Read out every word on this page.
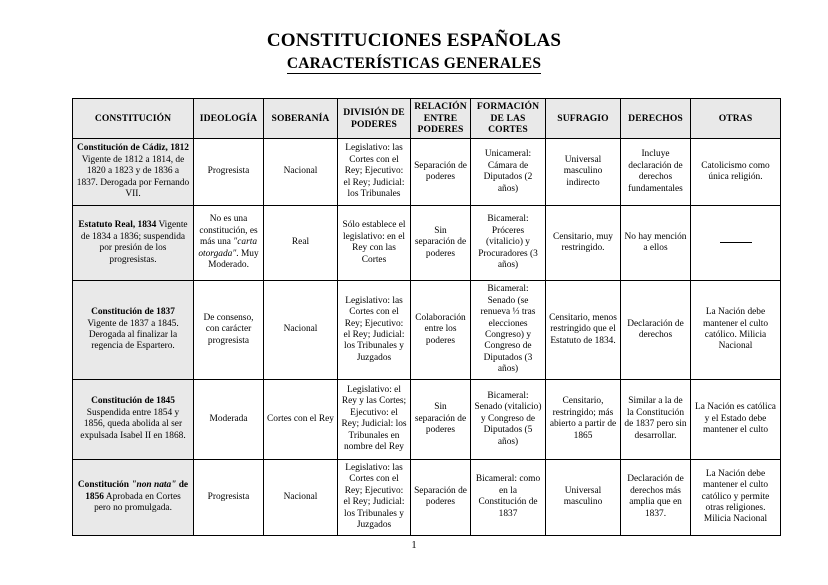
CONSTITUCIONES ESPAÑOLAS
CARACTERÍSTICAS GENERALES
CONSTITUCIÓN	IDEOLOGÍA	SOBERANÍA	DIVISIÓN DE PODERES	RELACIÓN ENTRE PODERES	FORMACIÓN DE LAS CORTES	SUFRAGIO	DERECHOS	OTRAS
Constitución de Cádiz, 1812 Vigente de 1812 a 1814, de 1820 a 1823 y de 1836 a 1837. Derogada por Fernando VII.	Progresista	Nacional	Legislativo: las Cortes con el Rey; Ejecutivo: el Rey; Judicial: los Tribunales	Separación de poderes	Unicameral: Cámara de Diputados (2 años)	Universal masculino indirecto	Incluye declaración de derechos fundamentales	Catolicismo como única religión.
Estatuto Real, 1834 Vigente de 1834 a 1836; suspendida por presión de los progresistas.	No es una constitución, es más una "carta otorgada". Muy Moderado.	Real	Sólo establece el legislativo: en el Rey con las Cortes	Sin separación de poderes	Bicameral: Próceres (vitalicio) y Procuradores (3 años)	Censitario, muy restringido.	No hay mención a ellos	
Constitución de 1837 Vigente de 1837 a 1845. Derogada al finalizar la regencia de Espartero.	De consenso, con carácter progresista	Nacional	Legislativo: las Cortes con el Rey; Ejecutivo: el Rey; Judicial: los Tribunales y Juzgados	Colaboración entre los poderes	Bicameral: Senado (se renueva ⅓ tras elecciones Congreso) y Congreso de Diputados (3 años)	Censitario, menos restringido que el Estatuto de 1834.	Declaración de derechos	La Nación debe mantener el culto católico. Milicia Nacional
Constitución de 1845 Suspendida entre 1854 y 1856, queda abolida al ser expulsada Isabel II en 1868.	Moderada	Cortes con el Rey	Legislativo: el Rey y las Cortes; Ejecutivo: el Rey; Judicial: los Tribunales en nombre del Rey	Sin separación de poderes	Bicameral: Senado (vitalicio) y Congreso de Diputados (5 años)	Censitario, restringido; más abierto a partir de 1865	Similar a la de la Constitución de 1837 pero sin desarrollar.	La Nación es católica y el Estado debe mantener el culto
Constitución "non nata" de 1856 Aprobada en Cortes pero no promulgada.	Progresista	Nacional	Legislativo: las Cortes con el Rey; Ejecutivo: el Rey; Judicial: los Tribunales y Juzgados	Separación de poderes	Bicameral: como en la Constitución de 1837	Universal masculino	Declaración de derechos más amplia que en 1837.	La Nación debe mantener el culto católico y permite otras religiones. Milicia Nacional
1
